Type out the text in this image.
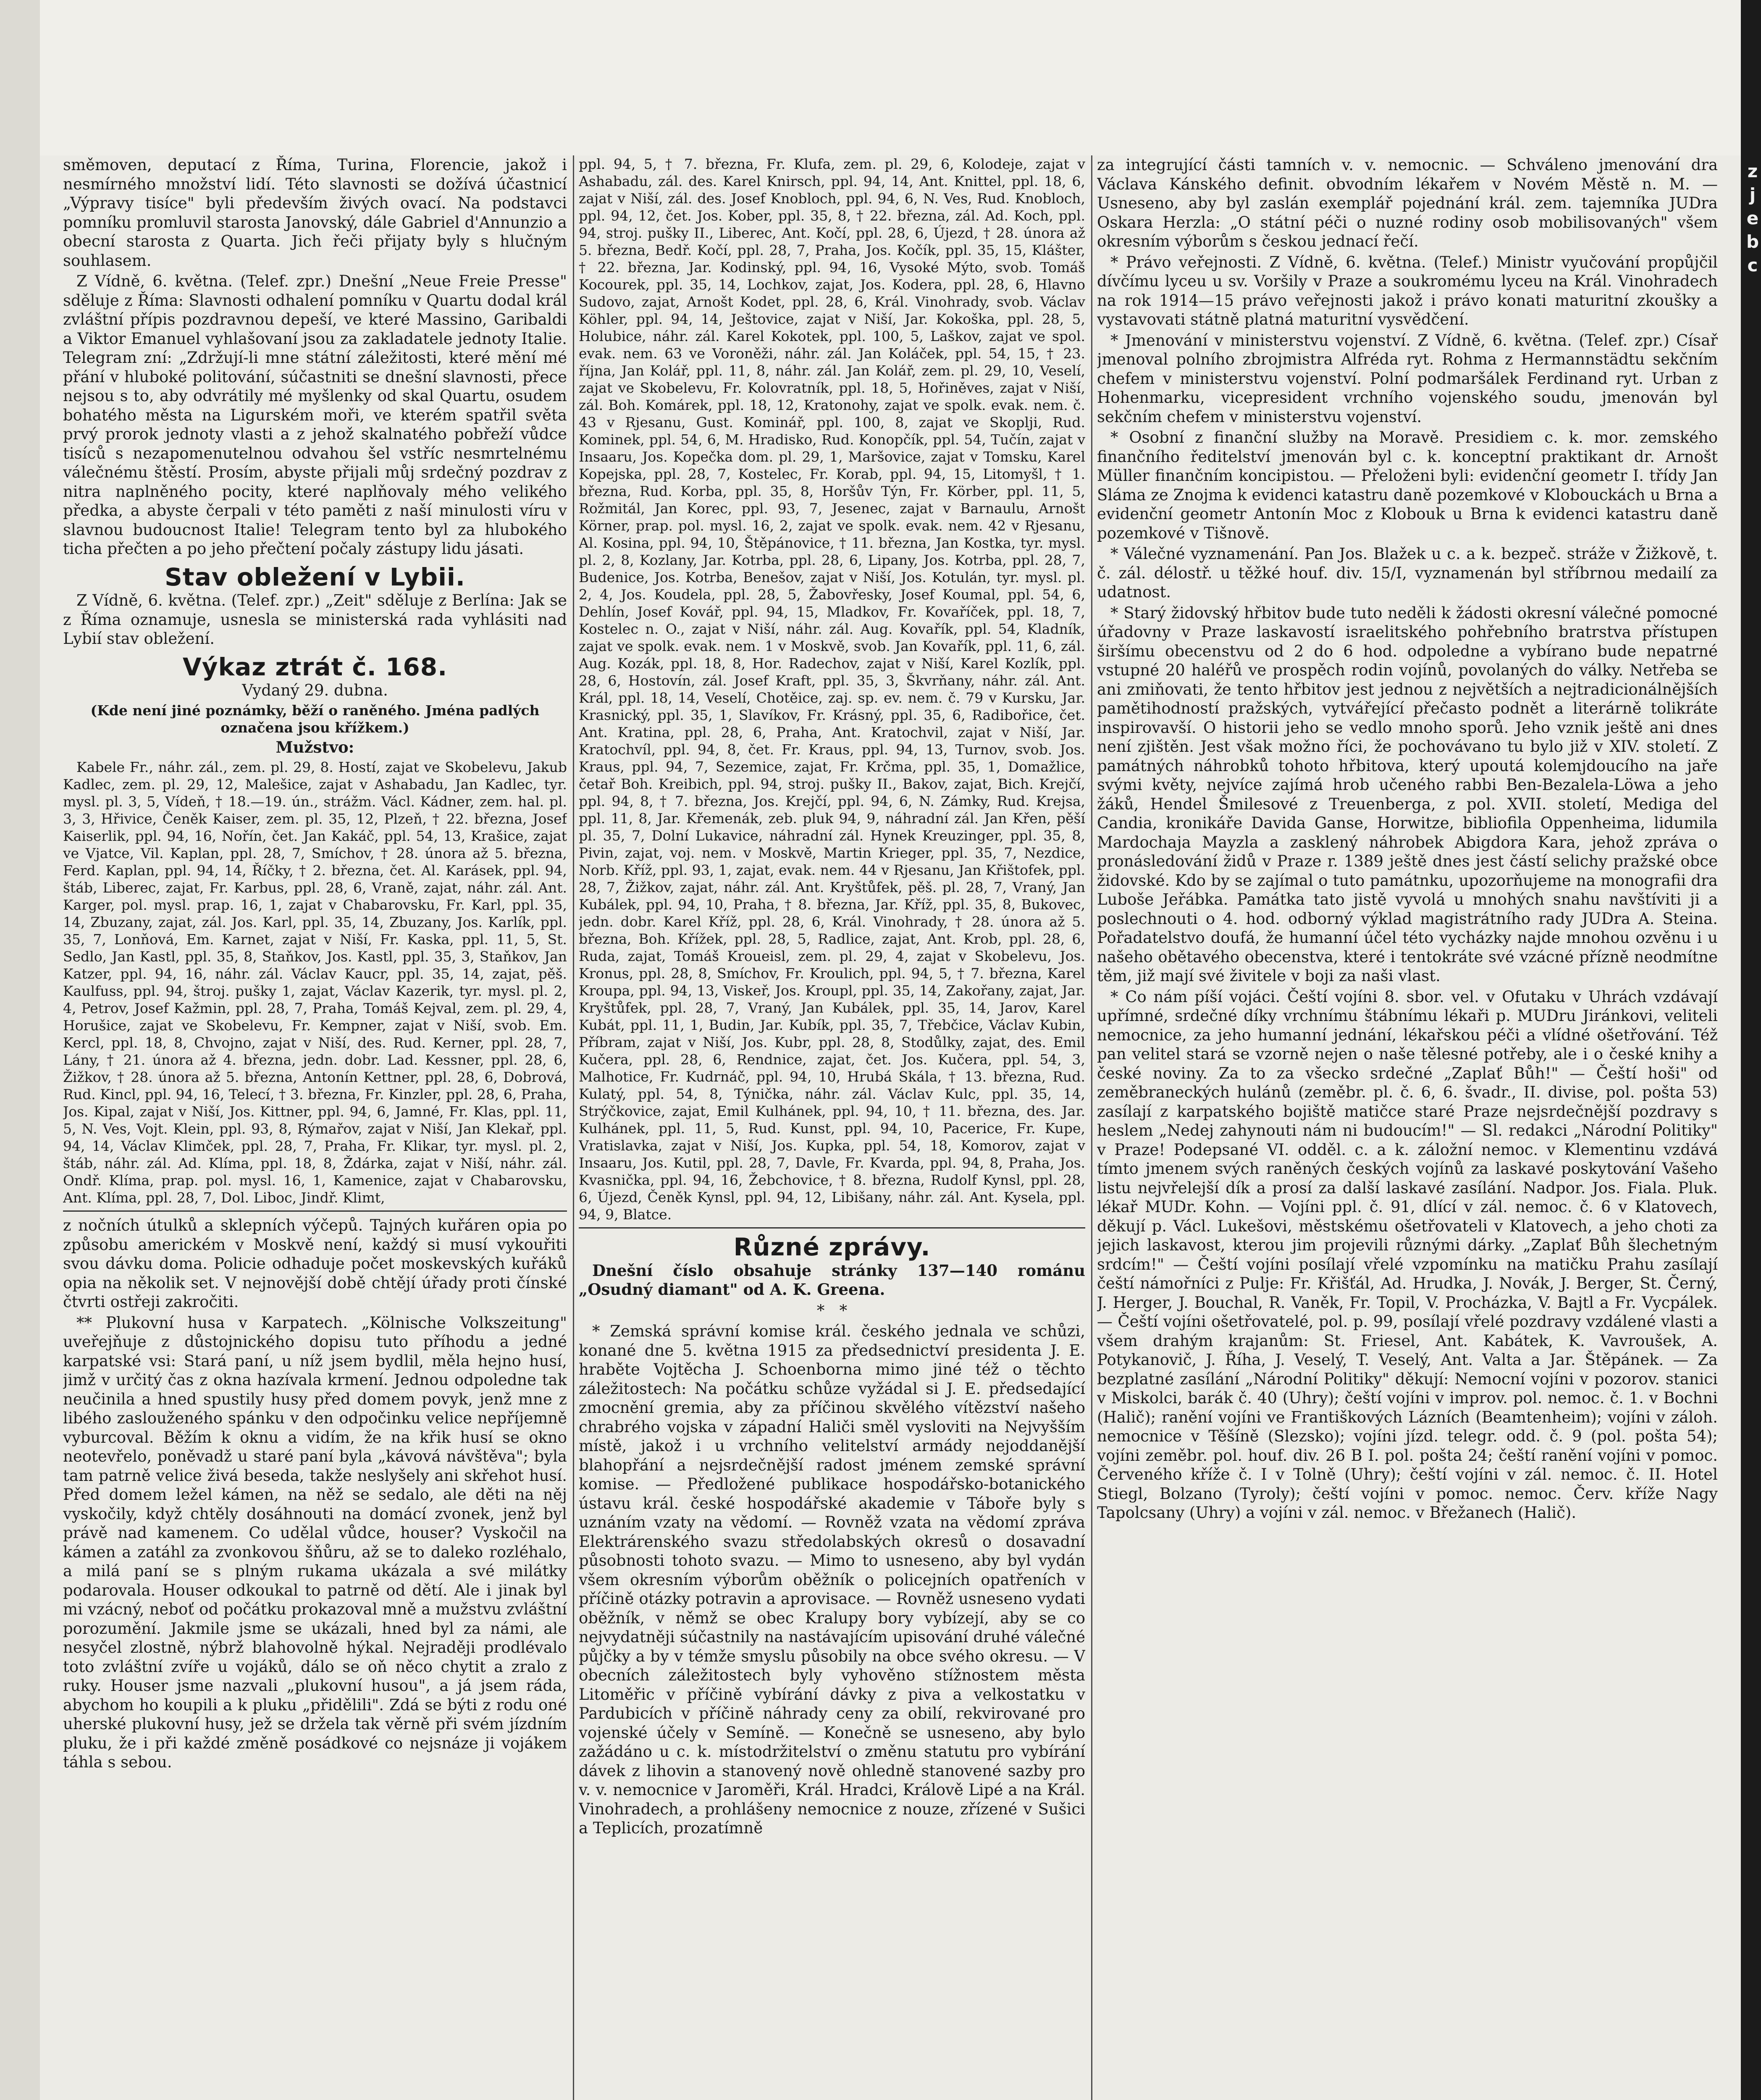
z
j
e
b
c

směmoven, deputací z Říma, Turina, Florencie, jakož i nesmírného množství lidí. Této slavnosti se dožívá účastnicí „Výpravy tisíce" byli především živých ovací. Na podstavci pomníku promluvil starosta Janovský, dále Gabriel d'Annunzio a obecní starosta z Quarta. Jich řeči přijaty byly s hlučným souhlasem.

Z Vídně, 6. května. (Telef. zpr.) Dnešní „Neue Freie Presse" sděluje z Říma: Slavnosti odhalení pomníku v Quartu dodal král zvláštní přípis pozdravnou depeší, ve které Massino, Garibaldi a Viktor Emanuel vyhlašovaní jsou za zakladatele jednoty Italie. Telegram zní: „Zdržují-li mne státní záležitosti, které mění mé přání v hluboké politování, súčastniti se dnešní slavnosti, přece nejsou s to, aby odvrátily mé myšlenky od skal Quartu, osudem bohatého města na Ligurském moři, ve kterém spatřil světa prvý prorok jednoty vlasti a z jehož skalnatého pobřeží vůdce tisíců s nezapomenutelnou odvahou šel vstříc nesmrtelnému válečnému štěstí. Prosím, abyste přijali můj srdečný pozdrav z nitra naplněného pocity, které naplňovaly mého velikého předka, a abyste čerpali v této paměti z naší minulosti víru v slavnou budoucnost Italie! Telegram tento byl za hlubokého ticha přečten a po jeho přečtení počaly zástupy lidu jásati.

Stav obležení v Lybii.

Z Vídně, 6. května. (Telef. zpr.) „Zeit" sděluje z Berlína: Jak se z Říma oznamuje, usnesla se ministerská rada vyhlásiti nad Lybií stav obležení.

Výkaz ztrát č. 168.

Vydaný 29. dubna.

(Kde není jiné poznámky, běží o raněného. Jména padlých označena jsou křížkem.)

Mužstvo:

Kabele Fr., náhr. zál., zem. pl. 29, 8. Hostí, zajat ve Skobelevu, Jakub Kadlec, zem. pl. 29, 12, Malešice, zajat v Ashabadu, Jan Kadlec, tyr. mysl. pl. 3, 5, Vídeň, † 18.—19. ún., strážm. Václ. Kádner, zem. hal. pl. 3, 3, Hřivice, Čeněk Kaiser, zem. pl. 35, 12, Plzeň, † 22. března, Josef Kaiserlik, ppl. 94, 16, Nořín, čet. Jan Kakáč, ppl. 54, 13, Krašice, zajat ve Vjatce, Vil. Kaplan, ppl. 28, 7, Smíchov, † 28. února až 5. března, Ferd. Kaplan, ppl. 94, 14, Říčky, † 2. března, čet. Al. Karásek, ppl. 94, štáb, Liberec, zajat, Fr. Karbus, ppl. 28, 6, Vraně, zajat, náhr. zál. Ant. Karger, pol. mysl. prap. 16, 1, zajat v Chabarovsku, Fr. Karl, ppl. 35, 14, Zbuzany, zajat, zál. Jos. Karl, ppl. 35, 14, Zbuzany, Jos. Karlík, ppl. 35, 7, Lonňová, Em. Karnet, zajat v Niší, Fr. Kaska, ppl. 11, 5, St. Sedlo, Jan Kastl, ppl. 35, 8, Staňkov, Jos. Kastl, ppl. 35, 3, Staňkov, Jan Katzer, ppl. 94, 16, náhr. zál. Václav Kaucr, ppl. 35, 14, zajat, pěš. Kaulfuss, ppl. 94, štroj. pušky 1, zajat, Václav Kazerik, tyr. mysl. pl. 2, 4, Petrov, Josef Kažmin, ppl. 28, 7, Praha, Tomáš Kejval, zem. pl. 29, 4, Horušice, zajat ve Skobelevu, Fr. Kempner, zajat v Niší, svob. Em. Kercl, ppl. 18, 8, Chvojno, zajat v Niší, des. Rud. Kerner, ppl. 28, 7, Lány, † 21. února až 4. března, jedn. dobr. Lad. Kessner, ppl. 28, 6, Žižkov, † 28. února až 5. března, Antonín Kettner, ppl. 28, 6, Dobrová, Rud. Kincl, ppl. 94, 16, Telecí, † 3. března, Fr. Kinzler, ppl. 28, 6, Praha, Jos. Kipal, zajat v Niší, Jos. Kittner, ppl. 94, 6, Jamné, Fr. Klas, ppl. 11, 5, N. Ves, Vojt. Klein, ppl. 93, 8, Rýmařov, zajat v Niší, Jan Klekař, ppl. 94, 14, Václav Klimček, ppl. 28, 7, Praha, Fr. Klikar, tyr. mysl. pl. 2, štáb, náhr. zál. Ad. Klíma, ppl. 18, 8, Ždárka, zajat v Niší, náhr. zál. Ondř. Klíma, prap. pol. mysl. 16, 1, Kamenice, zajat v Chabarovsku, Ant. Klíma, ppl. 28, 7, Dol. Liboc, Jindř. Klimt,

z nočních útulků a sklepních výčepů. Tajných kuřáren opia po způsobu americkém v Moskvě není, každý si musí vykouřiti svou dávku doma. Policie odhaduje počet moskevských kuřáků opia na několik set. V nejnovější době chtějí úřady proti čínské čtvrti ostřeji zakročiti.

** Plukovní husa v Karpatech. „Kölnische Volkszeitung" uveřejňuje z důstojnického dopisu tuto příhodu a jedné karpatské vsi: Stará paní, u níž jsem bydlil, měla hejno husí, jimž v určitý čas z okna hazívala krmení. Jednou odpoledne tak neučinila a hned spustily husy před domem povyk, jenž mne z libého zaslouženého spánku v den odpočinku velice nepříjemně vyburcoval. Běžím k oknu a vidím, že na křik husí se okno neotevřelo, poněvadž u staré paní byla „kávová návštěva"; byla tam patrně velice živá beseda, takže neslyšely ani skřehot husí. Před domem ležel kámen, na něž se sedalo, ale děti na něj vyskočily, když chtěly dosáhnouti na domácí zvonek, jenž byl právě nad kamenem. Co udělal vůdce, houser? Vyskočil na kámen a zatáhl za zvonkovou šňůru, až se to daleko rozléhalo, a milá paní se s plným rukama ukázala a své milátky podarovala. Houser odkoukal to patrně od dětí. Ale i jinak byl mi vzácný, neboť od počátku prokazoval mně a mužstvu zvláštní porozumění. Jakmile jsme se ukázali, hned byl za námi, ale nesyčel zlostně, nýbrž blahovolně hýkal. Nejraději prodlévalo toto zvláštní zvíře u vojáků, dálo se oň něco chytit a zralo z ruky. Houser jsme nazvali „plukovní husou", a já jsem ráda, abychom ho koupili a k pluku „přidělili". Zdá se býti z rodu oné uherské plukovní husy, jež se držela tak věrně při svém jízdním pluku, že i při každé změně posádkové co nejsnáze ji vojákem táhla s sebou.

ppl. 94, 5, † 7. března, Fr. Klufa, zem. pl. 29, 6, Kolodeje, zajat v Ashabadu, zál. des. Karel Knirsch, ppl. 94, 14, Ant. Knittel, ppl. 18, 6, zajat v Niší, zál. des. Josef Knobloch, ppl. 94, 6, N. Ves, Rud. Knobloch, ppl. 94, 12, čet. Jos. Kober, ppl. 35, 8, † 22. března, zál. Ad. Koch, ppl. 94, stroj. pušky II., Liberec, Ant. Kočí, ppl. 28, 6, Újezd, † 28. února až 5. března, Bedř. Kočí, ppl. 28, 7, Praha, Jos. Kočík, ppl. 35, 15, Klášter, † 22. března, Jar. Kodinský, ppl. 94, 16, Vysoké Mýto, svob. Tomáš Kocourek, ppl. 35, 14, Lochkov, zajat, Jos. Kodera, ppl. 28, 6, Hlavno Sudovo, zajat, Arnošt Kodet, ppl. 28, 6, Král. Vinohrady, svob. Václav Köhler, ppl. 94, 14, Ještovice, zajat v Niší, Jar. Kokoška, ppl. 28, 5, Holubice, náhr. zál. Karel Kokotek, ppl. 100, 5, Laškov, zajat ve spol. evak. nem. 63 ve Voroněži, náhr. zál. Jan Koláček, ppl. 54, 15, † 23. října, Jan Kolář, ppl. 11, 8, náhr. zál. Jan Kolář, zem. pl. 29, 10, Veselí, zajat ve Skobelevu, Fr. Kolovratník, ppl. 18, 5, Hořiněves, zajat v Niší, zál. Boh. Komárek, ppl. 18, 12, Kratonohy, zajat ve spolk. evak. nem. č. 43 v Rjesanu, Gust. Kominář, ppl. 100, 8, zajat ve Skoplji, Rud. Kominek, ppl. 54, 6, M. Hradisko, Rud. Konopčík, ppl. 54, Tučín, zajat v Insaaru, Jos. Kopečka dom. pl. 29, 1, Maršovice, zajat v Tomsku, Karel Kopejska, ppl. 28, 7, Kostelec, Fr. Korab, ppl. 94, 15, Litomyšl, † 1. března, Rud. Korba, ppl. 35, 8, Horšův Týn, Fr. Körber, ppl. 11, 5, Rožmitál, Jan Korec, ppl. 93, 7, Jesenec, zajat v Barnaulu, Arnošt Körner, prap. pol. mysl. 16, 2, zajat ve spolk. evak. nem. 42 v Rjesanu, Al. Kosina, ppl. 94, 10, Štěpánovice, † 11. března, Jan Kostka, tyr. mysl. pl. 2, 8, Kozlany, Jar. Kotrba, ppl. 28, 6, Lipany, Jos. Kotrba, ppl. 28, 7, Budenice, Jos. Kotrba, Benešov, zajat v Niší, Jos. Kotulán, tyr. mysl. pl. 2, 4, Jos. Koudela, ppl. 28, 5, Žabovřesky, Josef Koumal, ppl. 54, 6, Dehlín, Josef Kovář, ppl. 94, 15, Mladkov, Fr. Kovaříček, ppl. 18, 7, Kostelec n. O., zajat v Niší, náhr. zál. Aug. Kovařík, ppl. 54, Kladník, zajat ve spolk. evak. nem. 1 v Moskvě, svob. Jan Kovařík, ppl. 11, 6, zál. Aug. Kozák, ppl. 18, 8, Hor. Radechov, zajat v Niší, Karel Kozlík, ppl. 28, 6, Hostovín, zál. Josef Kraft, ppl. 35, 3, Škvrňany, náhr. zál. Ant. Král, ppl. 18, 14, Veselí, Chotěice, zaj. sp. ev. nem. č. 79 v Kursku, Jar. Krasnický, ppl. 35, 1, Slavíkov, Fr. Krásný, ppl. 35, 6, Radibořice, čet. Ant. Kratina, ppl. 28, 6, Praha, Ant. Kratochvil, zajat v Niší, Jar. Kratochvíl, ppl. 94, 8, čet. Fr. Kraus, ppl. 94, 13, Turnov, svob. Jos. Kraus, ppl. 94, 7, Sezemice, zajat, Fr. Krčma, ppl. 35, 1, Domažlice, četař Boh. Kreibich, ppl. 94, stroj. pušky II., Bakov, zajat, Bich. Krejčí, ppl. 94, 8, † 7. března, Jos. Krejčí, ppl. 94, 6, N. Zámky, Rud. Krejsa, ppl. 11, 8, Jar. Křemenák, zeb. pluk 94, 9, náhradní zál. Jan Křen, pěší pl. 35, 7, Dolní Lukavice, náhradní zál. Hynek Kreuzinger, ppl. 35, 8, Pivin, zajat, voj. nem. v Moskvě, Martin Krieger, ppl. 35, 7, Nezdice, Norb. Kříž, ppl. 93, 1, zajat, evak. nem. 44 v Rjesanu, Jan Křištofek, ppl. 28, 7, Žižkov, zajat, náhr. zál. Ant. Kryštůfek, pěš. pl. 28, 7, Vraný, Jan Kubálek, ppl. 94, 10, Praha, † 8. března, Jar. Kříž, ppl. 35, 8, Bukovec, jedn. dobr. Karel Kříž, ppl. 28, 6, Král. Vinohrady, † 28. února až 5. března, Boh. Křížek, ppl. 28, 5, Radlice, zajat, Ant. Krob, ppl. 28, 6, Ruda, zajat, Tomáš Kroueisl, zem. pl. 29, 4, zajat v Skobelevu, Jos. Kronus, ppl. 28, 8, Smíchov, Fr. Kroulich, ppl. 94, 5, † 7. března, Karel Kroupa, ppl. 94, 13, Viskeř, Jos. Kroupl, ppl. 35, 14, Zakořany, zajat, Jar. Kryštůfek, ppl. 28, 7, Vraný, Jan Kubálek, ppl. 35, 14, Jarov, Karel Kubát, ppl. 11, 1, Budin, Jar. Kubík, ppl. 35, 7, Třebčice, Václav Kubin, Příbram, zajat v Niší, Jos. Kubr, ppl. 28, 8, Stodůlky, zajat, des. Emil Kučera, ppl. 28, 6, Rendnice, zajat, čet. Jos. Kučera, ppl. 54, 3, Malhotice, Fr. Kudrnáč, ppl. 94, 10, Hrubá Skála, † 13. března, Rud. Kulatý, ppl. 54, 8, Týnička, náhr. zál. Václav Kulc, ppl. 35, 14, Strýčkovice, zajat, Emil Kulhánek, ppl. 94, 10, † 11. března, des. Jar. Kulhánek, ppl. 11, 5, Rud. Kunst, ppl. 94, 10, Pacerice, Fr. Kupe, Vratislavka, zajat v Niší, Jos. Kupka, ppl. 54, 18, Komorov, zajat v Insaaru, Jos. Kutil, ppl. 28, 7, Davle, Fr. Kvarda, ppl. 94, 8, Praha, Jos. Kvasnička, ppl. 94, 16, Žebchovice, † 8. března, Rudolf Kynsl, ppl. 28, 6, Újezd, Čeněk Kynsl, ppl. 94, 12, Libišany, náhr. zál. Ant. Kysela, ppl. 94, 9, Blatce.

Různé zprávy.

Dnešní číslo obsahuje stránky 137—140 románu „Osudný diamant" od A. K. Greena.

*   *

* Zemská správní komise král. českého jednala ve schůzi, konané dne 5. května 1915 za předsednictví presidenta J. E. hraběte Vojtěcha J. Schoenborna mimo jiné též o těchto záležitostech: Na počátku schůze vyžádal si J. E. předsedající zmocnění gremia, aby za příčinou skvělého vítězství našeho chrabrého vojska v západní Haliči směl vysloviti na Nejvyšším místě, jakož i u vrchního velitelství armády nejoddanější blahopřání a nejsrdečnější radost jménem zemské správní komise. — Předložené publikace hospodářsko-botanického ústavu král. české hospodářské akademie v Táboře byly s uznáním vzaty na vědomí. — Rovněž vzata na vědomí zpráva Elektrárenského svazu středolabských okresů o dosavadní působnosti tohoto svazu. — Mimo to usneseno, aby byl vydán všem okresním výborům oběžník o policejních opatřeních v příčině otázky potravin a aprovisace. — Rovněž usneseno vydati oběžník, v němž se obec Kralupy bory vybízejí, aby se co nejvydatněji súčastnily na nastávajícím upisování druhé válečné půjčky a by v témže smyslu působily na obce svého okresu. — V obecních záležitostech byly vyhověno stížnostem města Litoměřic v příčině vybírání dávky z piva a velkostatku v Pardubicích v příčině náhrady ceny za obilí, rekvirované pro vojenské účely v Semíně. — Konečně se usneseno, aby bylo zažádáno u c. k. místodržitelství o změnu statutu pro vybírání dávek z lihovin a stanovený nově ohledně stanovené sazby pro v. v. nemocnice v Jaroměři, Král. Hradci, Králově Lipé a na Král. Vinohradech, a prohlášeny nemocnice z nouze, zřízené v Sušici a Teplicích, prozatímně

za integrující části tamních v. v. nemocnic. — Schváleno jmenování dra Václava Kánského definit. obvodním lékařem v Novém Městě n. M. — Usneseno, aby byl zaslán exemplář pojednání král. zem. tajemníka JUDra Oskara Herzla: „O státní péči o nuzné rodiny osob mobilisovaných" všem okresním výborům s českou jednací řečí.

* Právo veřejnosti. Z Vídně, 6. května. (Telef.) Ministr vyučování propůjčil dívčímu lyceu u sv. Voršily v Praze a soukromému lyceu na Král. Vinohradech na rok 1914—15 právo veřejnosti jakož i právo konati maturitní zkoušky a vystavovati státně platná maturitní vysvědčení.

* Jmenování v ministerstvu vojenství. Z Vídně, 6. května. (Telef. zpr.) Císař jmenoval polního zbrojmistra Alfréda ryt. Rohma z Hermannstädtu sekčním chefem v ministerstvu vojenství. Polní podmaršálek Ferdinand ryt. Urban z Hohenmarku, vicepresident vrchního vojenského soudu, jmenován byl sekčním chefem v ministerstvu vojenství.

* Osobní z finanční služby na Moravě. Presidiem c. k. mor. zemského finančního ředitelství jmenován byl c. k. konceptní praktikant dr. Arnošt Müller finančním koncipistou. — Přeloženi byli: evidenční geometr I. třídy Jan Sláma ze Znojma k evidenci katastru daně pozemkové v Klobouckách u Brna a evidenční geometr Antonín Moc z Klobouk u Brna k evidenci katastru daně pozemkové v Tišnově.

* Válečné vyznamenání. Pan Jos. Blažek u c. a k. bezpeč. stráže v Žižkově, t. č. zál. délostř. u těžké houf. div. 15/I, vyznamenán byl stříbrnou medailí za udatnost.

* Starý židovský hřbitov bude tuto neděli k žádosti okresní válečné pomocné úřadovny v Praze laskavostí israelitského pohřebního bratrstva přístupen širšímu obecenstvu od 2 do 6 hod. odpoledne a vybírano bude nepatrné vstupné 20 haléřů ve prospěch rodin vojínů, povolaných do války. Netřeba se ani zmiňovati, že tento hřbitov jest jednou z největších a nejtradicionálnějších pamětihodností pražských, vytvářející přečasto podnět a literárně tolikráte inspirovavší. O historii jeho se vedlo mnoho sporů. Jeho vznik ještě ani dnes není zjištěn. Jest však možno říci, že pochovávano tu bylo již v XIV. století. Z památných náhrobků tohoto hřbitova, který upoutá kolemjdoucího na jaře svými květy, nejvíce zajímá hrob učeného rabbi Ben-Bezalela-Löwa a jeho žáků, Hendel Šmilesové z Treuenberga, z pol. XVII. století, Mediga del Candia, kronikáře Davida Ganse, Horwitze, bibliofila Oppenheima, lidumila Mardochaja Mayzla a zasklený náhrobek Abigdora Kara, jehož zpráva o pronásledování židů v Praze r. 1389 ještě dnes jest částí selichy pražské obce židovské. Kdo by se zajímal o tuto památnku, upozorňujeme na monografii dra Luboše Jeřábka. Památka tato jistě vyvolá u mnohých snahu navštíviti ji a poslechnouti o 4. hod. odborný výklad magistrátního rady JUDra A. Steina. Pořadatelstvo doufá, že humanní účel této vycházky najde mnohou ozvěnu i u našeho obětavého obecenstva, které i tentokráte své vzácné přízně neodmítne těm, již mají své živitele v boji za naši vlast.

* Co nám píší vojáci. Čeští vojíni 8. sbor. vel. v Ofutaku v Uhrách vzdávají upřímné, srdečné díky vrchnímu štábnímu lékaři p. MUDru Jiránkovi, veliteli nemocnice, za jeho humanní jednání, lékařskou péči a vlídné ošetřování. Též pan velitel stará se vzorně nejen o naše tělesné potřeby, ale i o české knihy a české noviny. Za to za všecko srdečné „Zaplať Bůh!" — Čeští hoši" od zeměbraneckých hulánů (zeměbr. pl. č. 6, 6. švadr., II. divise, pol. pošta 53) zasílají z karpatského bojiště matičce staré Praze nejsrdečnější pozdravy s heslem „Nedej zahynouti nám ni budoucím!" — Sl. redakci „Národní Politiky" v Praze! Podepsané VI. odděl. c. a k. záložní nemoc. v Klementinu vzdává tímto jmenem svých raněných českých vojínů za laskavé poskytování Vašeho listu nejvřelejší dík a prosí za další laskavé zasílání. Nadpor. Jos. Fiala. Pluk. lékař MUDr. Kohn. — Vojíni ppl. č. 91, dlící v zál. nemoc. č. 6 v Klatovech, děkují p. Václ. Lukešovi, městskému ošetřovateli v Klatovech, a jeho choti za jejich laskavost, kterou jim projevili různými dárky. „Zaplať Bůh šlechetným srdcím!" — Čeští vojíni posílají vřelé vzpomínku na matičku Prahu zasílají čeští námořníci z Pulje: Fr. Křišťál, Ad. Hrudka, J. Novák, J. Berger, St. Černý, J. Herger, J. Bouchal, R. Vaněk, Fr. Topil, V. Procházka, V. Bajtl a Fr. Vycpálek. — Čeští vojíni ošetřovatelé, pol. p. 99, posílají vřelé pozdravy vzdálené vlasti a všem drahým krajanům: St. Friesel, Ant. Kabátek, K. Vavroušek, A. Potykanovič, J. Říha, J. Veselý, T. Veselý, Ant. Valta a Jar. Štěpánek. — Za bezplatné zasílání „Národní Politiky" děkují: Nemocní vojíni v pozorov. stanici v Miskolci, barák č. 40 (Uhry); čeští vojíni v improv. pol. nemoc. č. 1. v Bochni (Halič); ranění vojíni ve Františkových Lázních (Beamtenheim); vojíni v záloh. nemocnice v Těšíně (Slezsko); vojíni jízd. telegr. odd. č. 9 (pol. pošta 54); vojíni zeměbr. pol. houf. div. 26 B I. pol. pošta 24; čeští ranění vojíni v pomoc. Červeného kříže č. I v Tolně (Uhry); čeští vojíni v zál. nemoc. č. II. Hotel Stiegl, Bolzano (Tyroly); čeští vojíni v pomoc. nemoc. Červ. kříže Nagy Tapolcsany (Uhry) a vojíni v zál. nemoc. v Břežanech (Halič).
